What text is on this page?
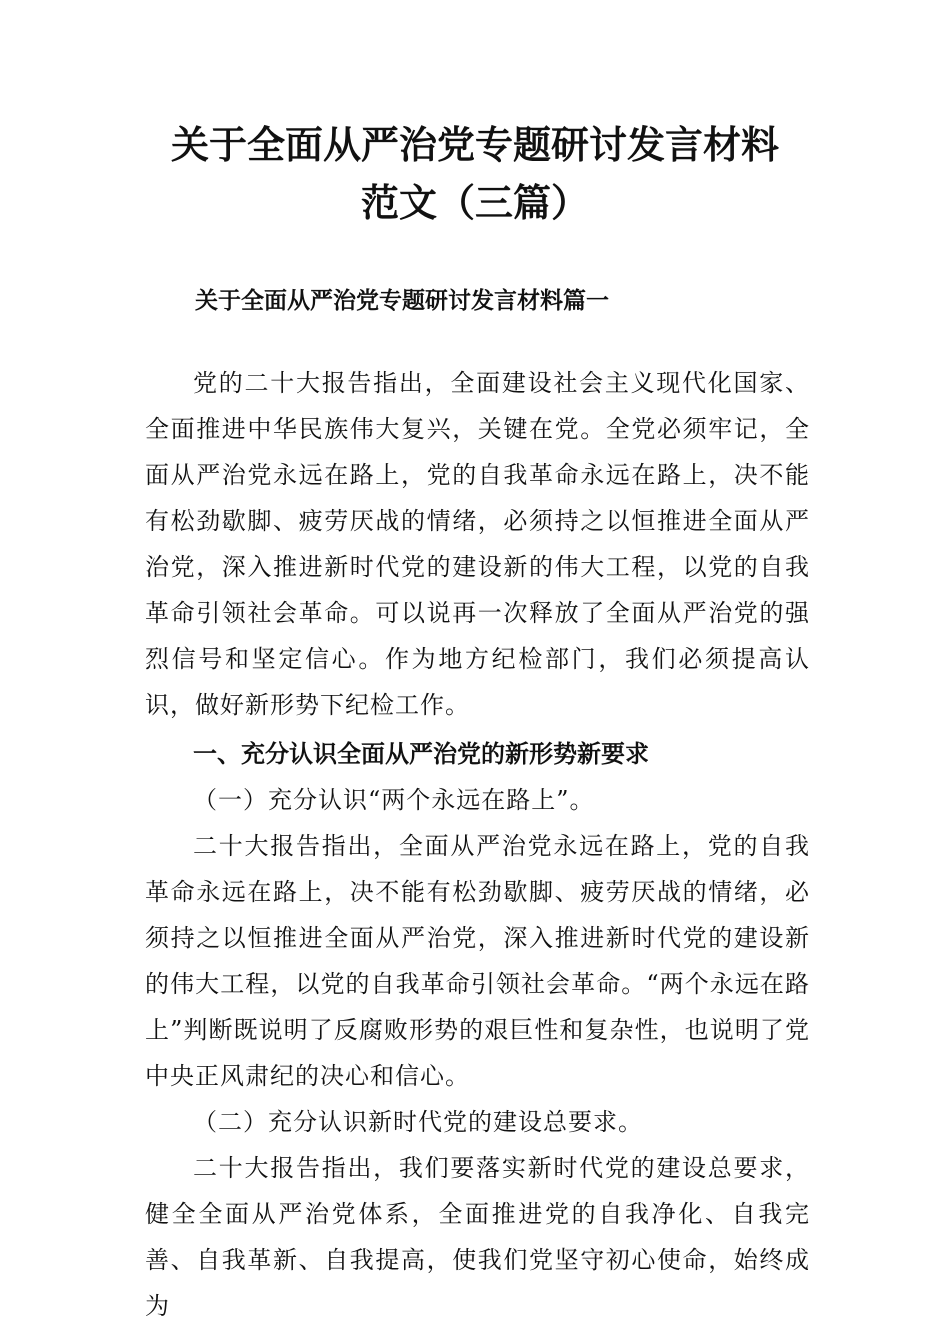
关于全面从严治党专题研讨发言材料
范文（三篇）
关于全面从严治党专题研讨发言材料篇一

党的二十大报告指出，全面建设社会主义现代化国家、全面推进中华民族伟大复兴，关键在党。全党必须牢记，全面从严治党永远在路上，党的自我革命永远在路上，决不能有松劲歇脚、疲劳厌战的情绪，必须持之以恒推进全面从严治党，深入推进新时代党的建设新的伟大工程，以党的自我革命引领社会革命。可以说再一次释放了全面从严治党的强烈信号和坚定信心。作为地方纪检部门，我们必须提高认识，做好新形势下纪检工作。

一、充分认识全面从严治党的新形势新要求

（一）充分认识“两个永远在路上”。

二十大报告指出，全面从严治党永远在路上，党的自我革命永远在路上，决不能有松劲歇脚、疲劳厌战的情绪，必须持之以恒推进全面从严治党，深入推进新时代党的建设新的伟大工程，以党的自我革命引领社会革命。“两个永远在路上”判断既说明了反腐败形势的艰巨性和复杂性，也说明了党中央正风肃纪的决心和信心。

（二）充分认识新时代党的建设总要求。

二十大报告指出，我们要落实新时代党的建设总要求，健全全面从严治党体系，全面推进党的自我净化、自我完善、自我革新、自我提高，使我们党坚守初心使命，始终成为
